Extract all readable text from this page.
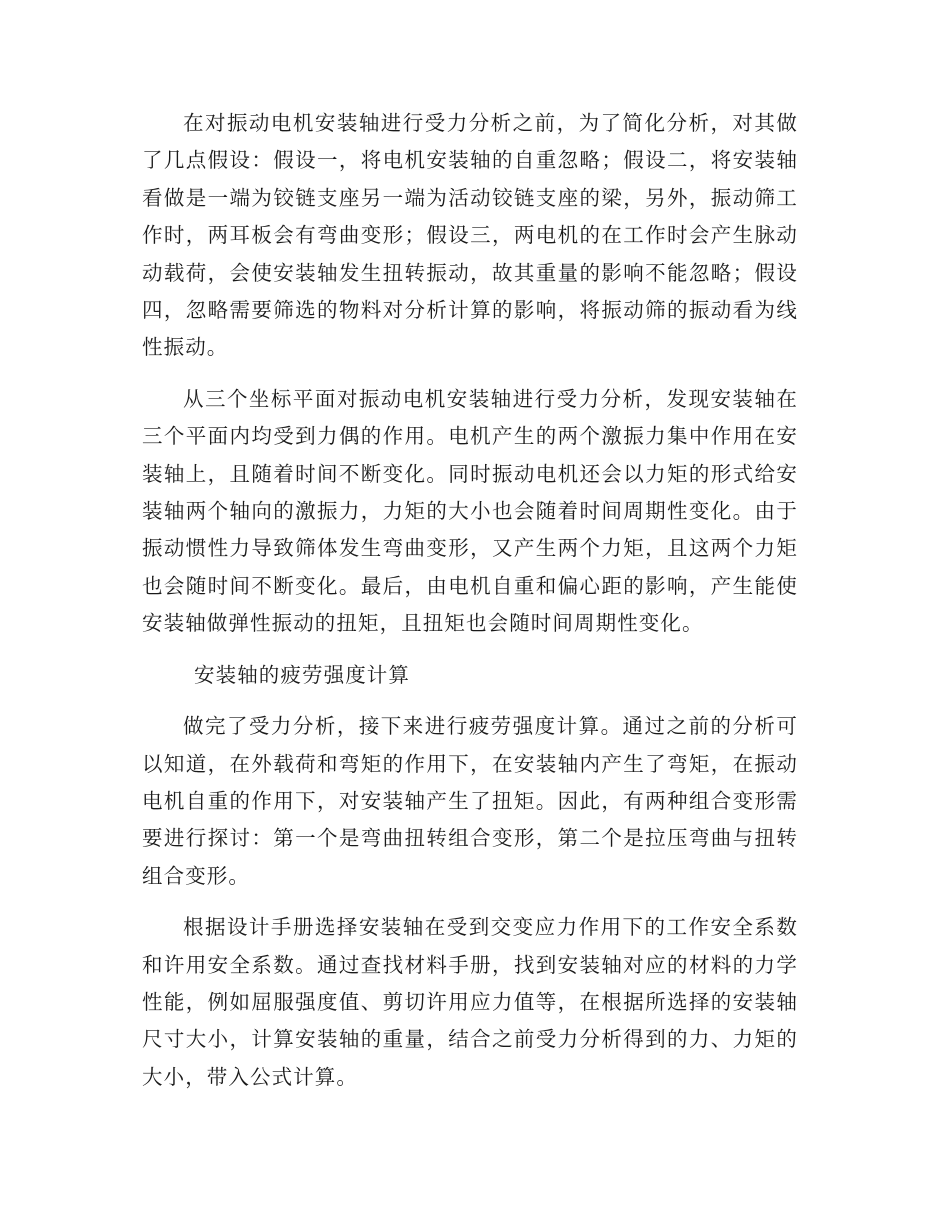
在对振动电机安装轴进行受力分析之前，为了简化分析，对其做了几点假设：假设一，将电机安装轴的自重忽略；假设二，将安装轴看做是一端为铰链支座另一端为活动铰链支座的梁，另外，振动筛工作时，两耳板会有弯曲变形；假设三，两电机的在工作时会产生脉动动载荷，会使安装轴发生扭转振动，故其重量的影响不能忽略；假设四，忽略需要筛选的物料对分析计算的影响，将振动筛的振动看为线性振动。

从三个坐标平面对振动电机安装轴进行受力分析，发现安装轴在三个平面内均受到力偶的作用。电机产生的两个激振力集中作用在安装轴上，且随着时间不断变化。同时振动电机还会以力矩的形式给安装轴两个轴向的激振力，力矩的大小也会随着时间周期性变化。由于振动惯性力导致筛体发生弯曲变形，又产生两个力矩，且这两个力矩也会随时间不断变化。最后，由电机自重和偏心距的影响，产生能使安装轴做弹性振动的扭矩，且扭矩也会随时间周期性变化。

安装轴的疲劳强度计算

做完了受力分析，接下来进行疲劳强度计算。通过之前的分析可以知道，在外载荷和弯矩的作用下，在安装轴内产生了弯矩，在振动电机自重的作用下，对安装轴产生了扭矩。因此，有两种组合变形需要进行探讨：第一个是弯曲扭转组合变形，第二个是拉压弯曲与扭转组合变形。

根据设计手册选择安装轴在受到交变应力作用下的工作安全系数和许用安全系数。通过查找材料手册，找到安装轴对应的材料的力学性能，例如屈服强度值、剪切许用应力值等，在根据所选择的安装轴尺寸大小，计算安装轴的重量，结合之前受力分析得到的力、力矩的大小，带入公式计算。
